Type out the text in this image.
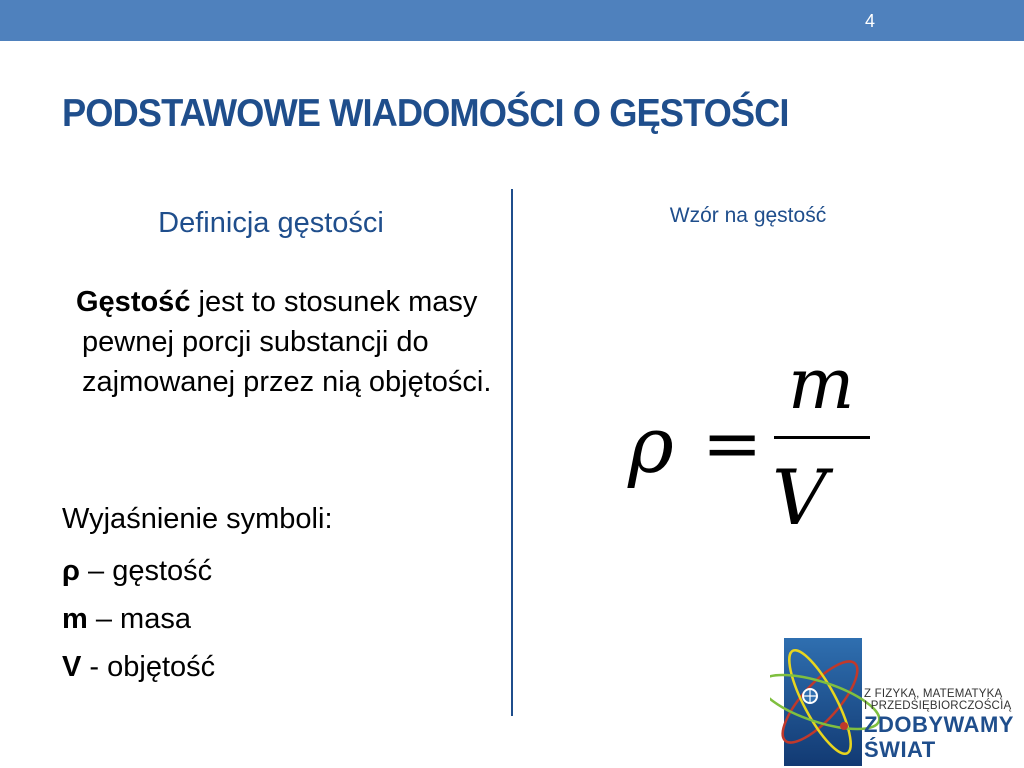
4
PODSTAWOWE WIADOMOŚCI O GĘSTOŚCI
Definicja gęstości
Gęstość jest to stosunek masy pewnej porcji substancji do zajmowanej przez nią objętości.
Wyjaśnienie symboli:
ρ – gęstość
m – masa
V - objętość
Wzór na gęstość
ρ =
m
V
Z FIZYKĄ, MATEMATYKĄ
I PRZEDSIĘBIORCZOŚCIĄ
ZDOBYWAMY
ŚWIAT
